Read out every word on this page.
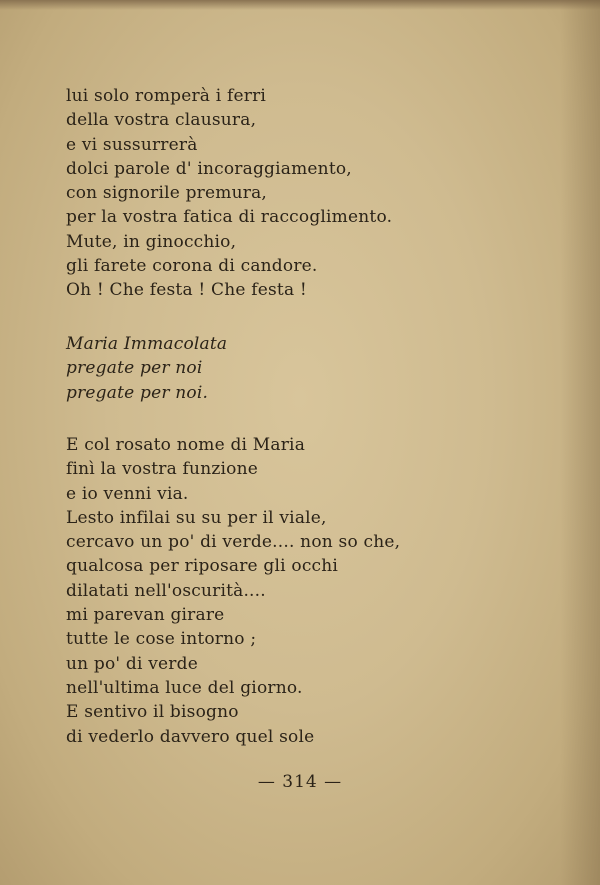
lui solo romperà i ferri
della vostra clausura,
e vi sussurrerà
dolci parole d' incoraggiamento,
con signorile premura,
per la vostra fatica di raccoglimento.
Mute, in ginocchio,
gli farete corona di candore.
Oh ! Che festa ! Che festa !
Maria Immacolata
pregate per noi
pregate per noi.
E col rosato nome di Maria
finì la vostra funzione
e io venni via.
Lesto infilai su su per il viale,
cercavo un po' di verde.... non so che,
qualcosa per riposare gli occhi
dilatati nell'oscurità....
mi parevan girare
tutte le cose intorno ;
un po' di verde
nell'ultima luce del giorno.
E sentivo il bisogno
di vederlo davvero quel sole
— 314 —
